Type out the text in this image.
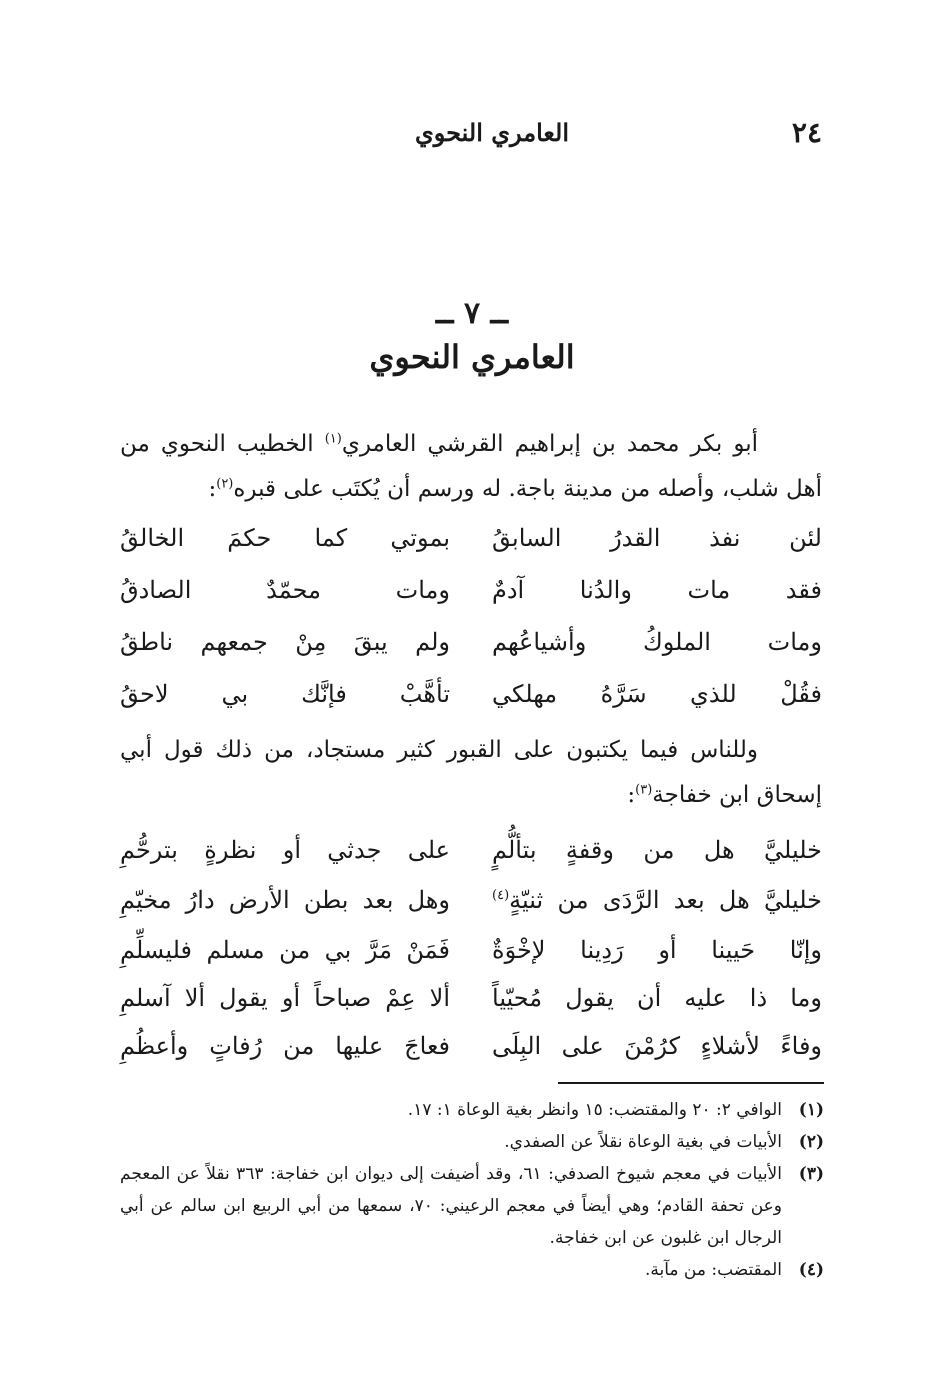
٢٤
العامري النحوي
ــ ٧ ــ
العامري النحوي

أبو بكر محمد بن إبراهيم القرشي العامري$^{(١)}$ الخطيب النحوي من أهل شلب، وأصله من مدينة باجة. له ورسم أن يُكتَب على قبره$^{(٢)}$:

لئن نفذ القدرُ السابقُ
بموتي كما حكمَ الخالقُ
فقد مات والدُنا آدمٌ
ومات محمّدٌ الصادقُ
ومات الملوكُ وأشياعُهم
ولم يبقَ مِنْ جمعهم ناطقُ
فقُلْ للذي سَرَّهُ مهلكي
تأهَّبْ فإنَّك بي لاحقُ

وللناس فيما يكتبون على القبور كثير مستجاد، من ذلك قول أبي إسحاق ابن خفاجة$^{(٣)}$:

خليليَّ هل من وقفةٍ بتألُّمٍ
على جدثي أو نظرةٍ بترحُّمِ
خليليَّ هل بعد الرَّدَى من ثنيّةٍ$^{(٤)}$
وهل بعد بطن الأرض دارُ مخيّمِ
وإنّا حَيينا أو رَدِينا لإخْوَةٌ
فَمَنْ مَرَّ بي من مسلم فليسلِّمِ
وما ذا عليه أن يقول مُحيّياً
ألا عِمْ صباحاً أو يقول ألا آسلمِ
وفاءً لأشلاءٍ كرُمْنَ على البِلَى
فعاجَ عليها من رُفاتٍ وأعظُمِ
(١)
الوافي ٢: ٢٠ والمقتضب: ١٥ وانظر بغية الوعاة ١: ١٧.
(٢)
الأبيات في بغية الوعاة نقلاً عن الصفدي.
(٣)
الأبيات في معجم شيوخ الصدفي: ٦١، وقد أضيفت إلى ديوان ابن خفاجة: ٣٦٣ نقلاً عن المعجم وعن تحفة القادم؛ وهي أيضاً في معجم الرعيني: ٧٠، سمعها من أبي الربيع ابن سالم عن أبي الرجال ابن غلبون عن ابن خفاجة.
(٤)
المقتضب: من مآبة.
